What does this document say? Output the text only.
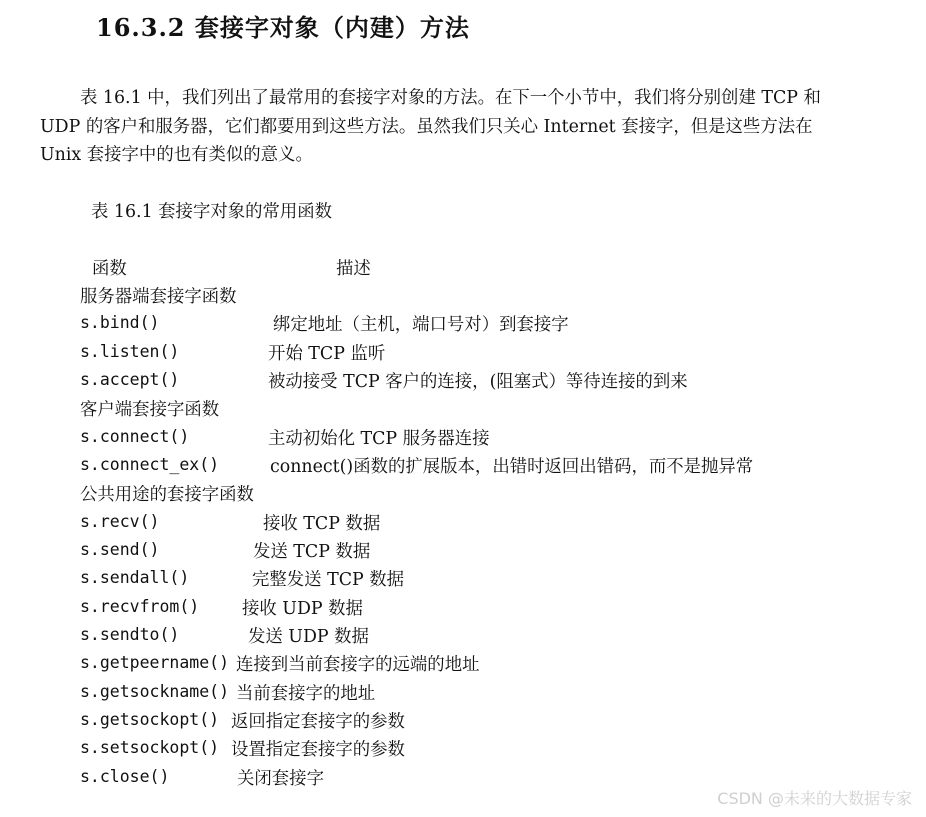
16.3.2 套接字对象（内建）方法
表 16.1 中，我们列出了最常用的套接字对象的方法。在下一个小节中，我们将分别创建 TCP 和
UDP 的客户和服务器，它们都要用到这些方法。虽然我们只关心 Internet 套接字，但是这些方法在
Unix 套接字中的也有类似的意义。
表 16.1 套接字对象的常用函数
函数	描述
服务器端套接字函数
s.bind()	绑定地址（主机，端口号对）到套接字
s.listen()	开始 TCP 监听
s.accept()	被动接受 TCP 客户的连接，(阻塞式）等待连接的到来
客户端套接字函数
s.connect()	主动初始化 TCP 服务器连接
s.connect_ex()	connect()函数的扩展版本，出错时返回出错码，而不是抛异常
公共用途的套接字函数
s.recv()	接收 TCP 数据
s.send()	发送 TCP 数据
s.sendall()	完整发送 TCP 数据
s.recvfrom() 接收 UDP 数据
s.sendto()	发送 UDP 数据
s.getpeername() 连接到当前套接字的远端的地址
s.getsockname() 当前套接字的地址
s.getsockopt() 返回指定套接字的参数
s.setsockopt() 设置指定套接字的参数
s.close()	关闭套接字
CSDN @未来的大数据专家
